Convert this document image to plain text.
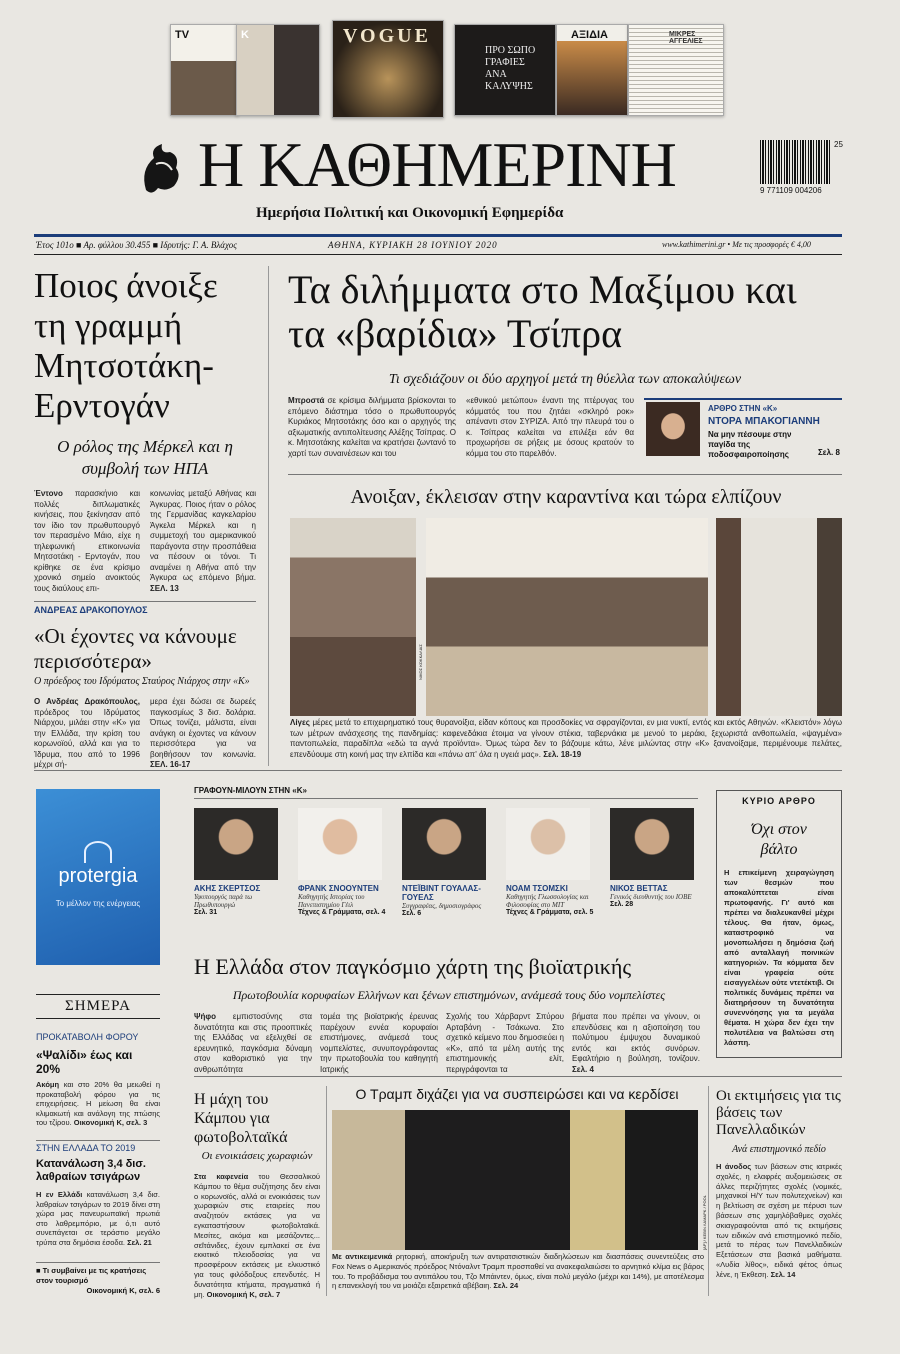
TV	K	VOGUE
ΠΡΟ ΣΩΠΟ ΓΡΑΦΙΕΣ ΑΝΑ ΚΑΛΥΨΗΣ
ΑΞΙΔΙΑ	ΜΙΚΡΕΣ ΑΓΓΕΛΙΕΣ
Η ΚΑΘΗΜΕΡΙΝΗ
Ημερήσια Πολιτική και Οικονομική Εφημερίδα
25
9 771109 004206
Έτος 101ο ■ Αρ. φύλλου 30.455 ■ Ιδρυτής: Γ. Α. Βλάχος	ΑΘΗΝΑ, ΚΥΡΙΑΚΗ 28 ΙΟΥΝΙΟΥ 2020	www.kathimerini.gr • Με τις προσφορές € 4,00
Ποιος άνοιξε τη γραμμή Μητσοτάκη-Ερντογάν
Ο ρόλος της Μέρκελ και η συμβολή των ΗΠΑ
Έντονο παρασκήνιο και πολλές διπλωματικές κινήσεις, που ξεκίνησαν από τον ίδιο τον πρωθυπουργό τον περασμένο Μάιο, είχε η τηλεφωνική επικοινωνία Μητσοτάκη - Ερντογάν, που κρίθηκε σε ένα κρίσιμο χρονικό σημείο ανοικτούς τους διαύλους επι-
κοινωνίας μεταξύ Αθήνας και Άγκυρας. Ποιος ήταν ο ρόλος της Γερμανίδας καγκελαρίου Άγκελα Μέρκελ και η συμμετοχή του αμερικανικού παράγοντα στην προσπάθεια να πέσουν οι τόνοι. Τι αναμένει η Αθήνα από την Άγκυρα ως επόμενο βήμα. ΣΕΛ. 13
ΑΝΔΡΕΑΣ ΔΡΑΚΟΠΟΥΛΟΣ
«Οι έχοντες να κάνουμε περισσότερα»
Ο πρόεδρος του Ιδρύματος Σταύρος Νιάρχος στην «Κ»
Ο Ανδρέας Δρακόπουλος, πρόεδρος του Ιδρύματος Νιάρχου, μιλάει στην «Κ» για την Ελλάδα, την κρίση του κορωνοϊού, αλλά και για το Ίδρυμα, που από το 1996 μέχρι σή-
μερα έχει δώσει σε δωρεές παγκοσμίως 3 δισ. δολάρια. Όπως τονίζει, μάλιστα, είναι ανάγκη οι έχοντες να κάνουν περισσότερα για να βοηθήσουν τον κοινωνία. ΣΕΛ. 16-17
Τα διλήμματα στο Μαξίμου και τα «βαρίδια» Τσίπρα
Τι σχεδιάζουν οι δύο αρχηγοί μετά τη θύελλα των αποκαλύψεων
Μπροστά σε κρίσιμα διλήμματα βρίσκονται το επόμενο διάστημα τόσο ο πρωθυπουργός Κυριάκος Μητσοτάκης όσο και ο αρχηγός της αξιωματικής αντιπολίτευσης Αλέξης Τσίπρας. Ο κ. Μητσοτάκης καλείται να κρατήσει ζωντανό το χαρτί των συναινέσεων και του
«εθνικού μετώπου» έναντι της πτέρυγας του κόμματός του που ζητάει «σκληρό ροκ» απέναντι στον ΣΥΡΙΖΑ. Από την πλευρά του ο κ. Τσίπρας καλείται να επιλέξει εάν θα προχωρήσει σε ρήξεις με όσους κρατούν το κόμμα του στο παρελθόν.
ΑΡΘΡΟ ΣΤΗΝ «Κ»
ΝΤΟΡΑ ΜΠΑΚΟΓΙΑΝΝΗ
Να μην πέσουμε στην παγίδα της ποδοσφαιροποίησης	Σελ. 8
Ανοιξαν, έκλεισαν στην καραντίνα και τώρα ελπίζουν
ΝΙΚΟΣ ΚΟΚΚΑΛΙΑΣ
Λίγες μέρες μετά το επιχειρηματικό τους θυρανοίξια, είδαν κόπους και προσδοκίες να σφραγίζονται, εν μια νυκτί, εντός και εκτός Αθηνών. «Κλειστόν» λόγω των μέτρων ανάσχεσης της πανδημίας: καφενεδάκια έτοιμα να γίνουν στέκια, ταβερνάκια με μενού το μεράκι, ξεχωριστά ανθοπωλεία, «ψαγμένα» παντοπωλεία, παραδίπλα «εδώ τα αγνά προϊόντα». Όμως τώρα δεν το βάζουμε κάτω, λένε μιλώντας στην «Κ» ξανανοίξαμε, περιμένουμε πελάτες, επενδύουμε στη κοινή μας την ελπίδα και «πάνω απ' όλα η υγειά μας». Σελ. 18-19
protergia
Το μέλλον της ενέργειας
ΓΡΑΦΟΥΝ-ΜΙΛΟΥΝ ΣΤΗΝ «Κ»
ΑΚΗΣ ΣΚΕΡΤΣΟΣ
Υφυπουργός παρά τω Πρωθυπουργώ
Σελ. 31
ΦΡΑΝΚ ΣΝΟΟΥΝΤΕΝ
Καθηγητής Ιστορίας του Πανεπιστημίου Γέιλ
Τέχνες & Γράμματα, σελ. 4
ΝΤΕΪΒΙΝΤ ΓΟΥΑΛΑΣ-ΓΟΥΕΛΣ
Συγγραφέας, δημοσιογράφος
Σελ. 6
ΝΟΑΜ ΤΣΟΜΣΚΙ
Καθηγητής Γλωσσολογίας και Φιλοσοφίας στο ΜΙΤ
Τέχνες & Γράμματα, σελ. 5
ΝΙΚΟΣ ΒΕΤΤΑΣ
Γενικός διευθυντής του ΙΟΒΕ
Σελ. 28
ΚΥΡΙΟ ΑΡΘΡΟ
Όχι στον βάλτο
Η επικείμενη χειραγώγηση των θεσμών που αποκαλύπτεται είναι πρωτοφανής. Γι' αυτό και πρέπει να διαλευκανθεί μέχρι τέλους. Θα ήταν, όμως, καταστροφικό να μονοπωλήσει η δημόσια ζωή από ανταλλαγή ποινικών κατηγοριών. Τα κόμματα δεν είναι γραφεία ούτε εισαγγελέων ούτε ντετέκτιβ. Οι πολιτικές δυνάμεις πρέπει να διατηρήσουν τη δυνατότητα συνεννόησης για τα μεγάλα θέματα. Η χώρα δεν έχει την πολυτέλεια να βαλτώσει στη λάσπη.
Η Ελλάδα στον παγκόσμιο χάρτη της βιοϊατρικής
Πρωτοβουλία κορυφαίων Ελλήνων και ξένων επιστημόνων, ανάμεσά τους δύο νομπελίστες
Ψήφο εμπιστοσύνης στα δυνατότητα και στις προοπτικές της Ελλάδας να εξελιχθεί σε ερευνητικό, παγκόσμια δύναμη στον καθοριστικό για την ανθρωπότητα
τομέα της βιοϊατρικής έρευνας παρέχουν εννέα κορυφαίοι επιστήμονες, ανάμεσά τους νομπελίστες, συνυπογράφοντας την πρωτοβουλία του καθηγητή Ιατρικής
Σχολής του Χάρβαρντ Σπύρου Αρταβάνη - Τσάκωνα. Στο σχετικό κείμενο που δημοσιεύει η «Κ», από τα μέλη αυτής της επιστημονικής ελίτ, περιγράφονται τα
βήματα που πρέπει να γίνουν, οι επενδύσεις και η αξιοποίηση του πολύτιμου έμψυχου δυναμικού εντός και εκτός συνόρων. Εφαλτήριο η βούληση, τονίζουν. Σελ. 4
ΣΗΜΕΡΑ
ΠΡΟΚΑΤΑΒΟΛΗ ΦΟΡΟΥ
«Ψαλίδι» έως και 20%
Ακόμη και στο 20% θα μειωθεί η προκαταβολή φόρου για τις επιχειρήσεις. Η μείωση θα είναι κλιμακωτή και ανάλογη της πτώσης του τζίρου. Οικονομική Κ, σελ. 3
ΣΤΗΝ ΕΛΛΑΔΑ ΤΟ 2019
Κατανάλωση 3,4 δισ. λαθραίων τσιγάρων
Η εν Ελλάδι κατανάλωση 3,4 δισ. λαθραίων τσιγάρων το 2019 δίνει στη χώρα μας πανευρωπαϊκή πρωτιά στο λαθρεμπόριο, με ό,τι αυτό συνεπάγεται σε τεράστιο μεγάλο τρύπα στα δημόσια έσοδα. Σελ. 21
■ Τι συμβαίνει με τις κρατήσεις στον τουρισμό
Οικονομική Κ, σελ. 6
Η μάχη του Κάμπου για φωτοβολταϊκά
Οι ενοικιάσεις χωραφιών
Στα καφενεία του Θεσσαλικού Κάμπου το θέμα συζήτησης δεν είναι ο κορωνοϊός, αλλά οι ενοικιάσεις των χωραφιών στις εταιρείες που αναζητούν εκτάσεις για να εγκαταστήσουν φωτοβολταϊκά. Μεσίτες, ακόμα και μεσάζοντες... σεΐτάνιδες, έχουν εμπλακεί σε ένα εκκιτικό πλειοδοσίας για να προσφέρουν εκτάσεις με ελκυστικό για τους φιλόδοξους επενδυτές. Η δυνατότητα κτήματα, πραγματικά ή μη. Οικονομική Κ, σελ. 7
Ο Τραμπ διχάζει για να συσπειρώσει και να κερδίσει
[AP] / ΚΕΒΙΝ ΛΑΜΑΡΚ / POOL
Με αντικειμενικά ρητορική, αποκήρυξη των αντιρατσιστικών διαδηλώσεων και διασπάσεις συνεντεύξεις στο Fox News ο Αμερικανός πρόεδρος Ντόναλντ Τραμπ προσπαθεί να ανακεφαλαιώσει το αρνητικό κλίμα εις βάρος του. Το προβάδισμα του αντιπάλου του, Τζο Μπάιντεν, όμως, είναι πολύ μεγάλο (μέχρι και 14%), με αποτέλεσμα η επανεκλογή του να μοιάζει εξαιρετικά αβέβαιη. Σελ. 24
Οι εκτιμήσεις για τις βάσεις των Πανελλαδικών
Ανά επιστημονικό πεδίο
Η άνοδος των βάσεων στις ιατρικές σχολές, η ελαφρές αυξομειώσεις σε άλλες περιζήτητες σχολές (νομικές, μηχανικοί Η/Υ των πολυτεχνείων) και η βελτίωση σε σχέση με πέρυσι των βάσεων στις χαμηλόβαθμες σχολές σκιαγραφούνται από τις εκτιμήσεις των ειδικών ανά επιστημονικό πεδίο, μετά το πέρας των Πανελλαδικών Εξετάσεων στα βασικά μαθήματα. «Λυδία λίθος», ειδικά φέτος όπως λένε, η Έκθεση. Σελ. 14
